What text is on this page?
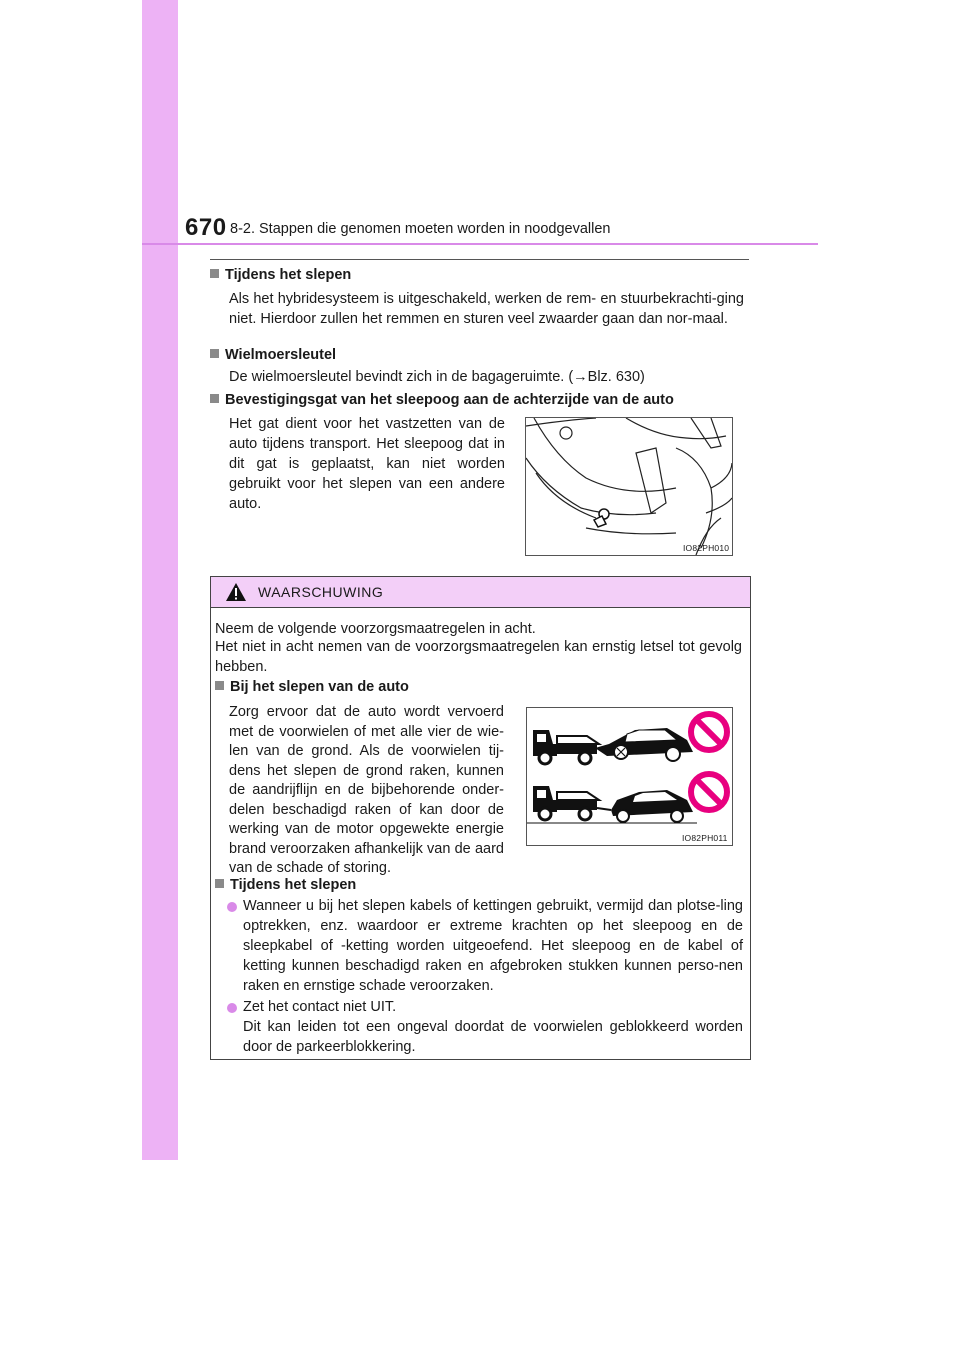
670 8-2. Stappen die genomen moeten worden in noodgevallen
Tijdens het slepen
Als het hybridesysteem is uitgeschakeld, werken de rem- en stuurbekrachti-ging niet. Hierdoor zullen het remmen en sturen veel zwaarder gaan dan nor-maal.
Wielmoersleutel
De wielmoersleutel bevindt zich in de bagageruimte. (→Blz. 630)
Bevestigingsgat van het sleepoog aan de achterzijde van de auto
Het gat dient voor het vastzetten van de auto tijdens transport. Het sleepoog dat in dit gat is geplaatst, kan niet worden gebruikt voor het slepen van een andere auto.
IO82PH010
WAARSCHUWING
Neem de volgende voorzorgsmaatregelen in acht.
Het niet in acht nemen van de voorzorgsmaatregelen kan ernstig letsel tot gevolg hebben.
Bij het slepen van de auto
Zorg ervoor dat de auto wordt vervoerd met de voorwielen of met alle vier de wie-len van de grond. Als de voorwielen tij-dens het slepen de grond raken, kunnen de aandrijflijn en de bijbehorende onder-delen beschadigd raken of kan door de werking van de motor opgewekte energie brand veroorzaken afhankelijk van de aard van de schade of storing.
IO82PH011
Tijdens het slepen
Wanneer u bij het slepen kabels of kettingen gebruikt, vermijd dan plotse-ling optrekken, enz. waardoor er extreme krachten op het sleepoog en de sleepkabel of -ketting worden uitgeoefend. Het sleepoog en de kabel of ketting kunnen beschadigd raken en afgebroken stukken kunnen perso-nen raken en ernstige schade veroorzaken.
Zet het contact niet UIT.
Dit kan leiden tot een ongeval doordat de voorwielen geblokkeerd worden door de parkeerblokkering.
